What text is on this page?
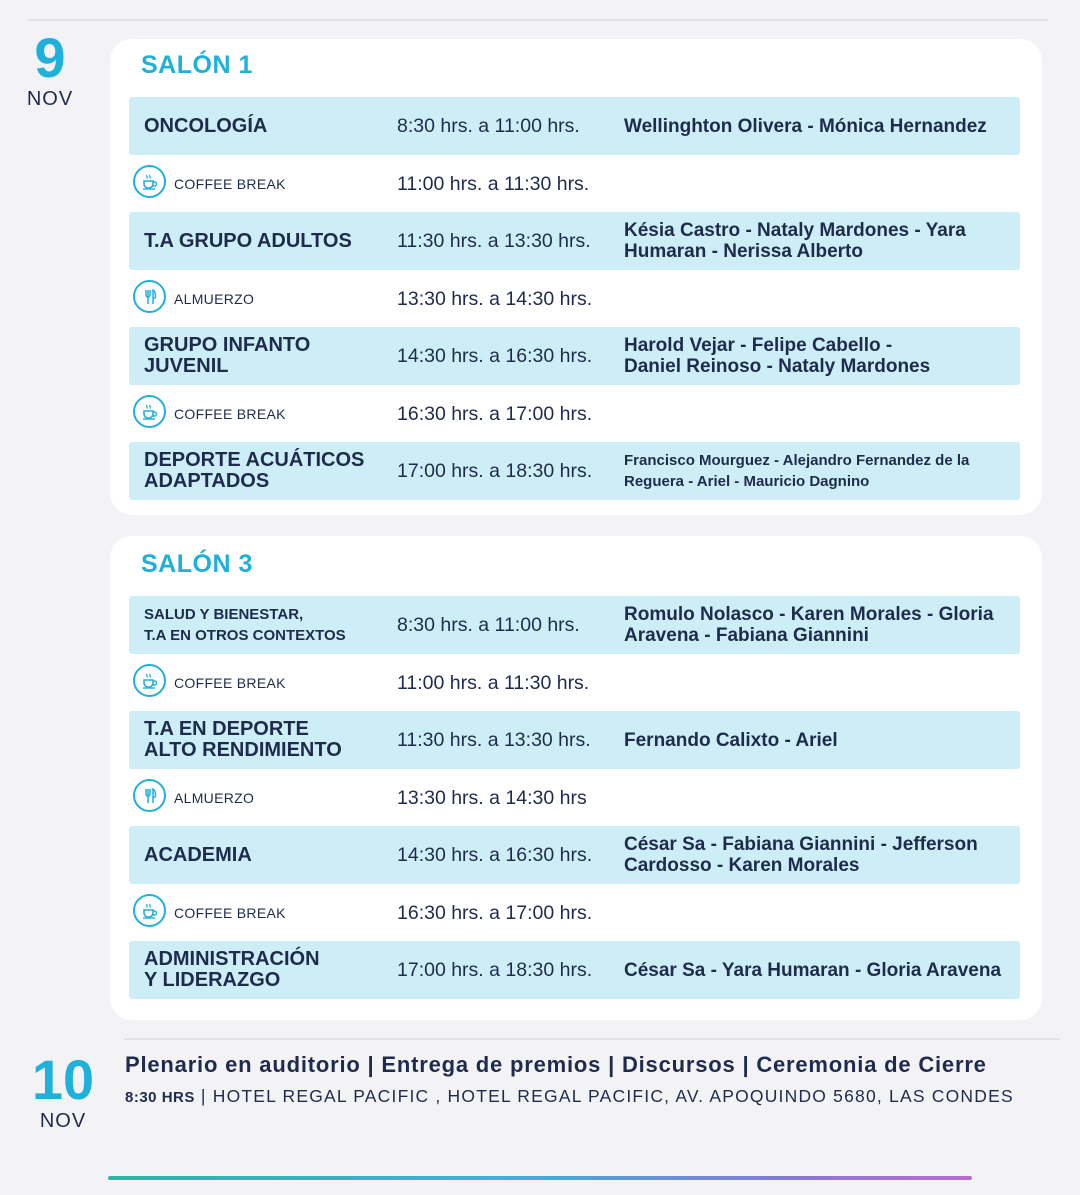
9
NOV
SALÓN 1
ONCOLOGÍA	8:30 hrs. a 11:00 hrs. Wellinghton Olivera - Mónica Hernandez
COFFEE BREAK	11:00 hrs. a 11:30 hrs.
T.A GRUPO ADULTOS	11:30 hrs. a 13:30 hrs. Késia Castro - Nataly Mardones - Yara Humaran - Nerissa Alberto
ALMUERZO	13:30 hrs. a 14:30 hrs.
GRUPO INFANTO
JUVENIL	14:30 hrs. a 16:30 hrs. Harold Vejar - Felipe Cabello -
Daniel Reinoso - Nataly Mardones
COFFEE BREAK	16:30 hrs. a 17:00 hrs.
DEPORTE ACUÁTICOS
ADAPTADOS	17:00 hrs. a 18:30 hrs. Francisco Mourguez - Alejandro Fernandez de la Reguera - Ariel - Mauricio Dagnino
SALÓN 3
SALUD Y BIENESTAR,
T.A EN OTROS CONTEXTOS	8:30 hrs. a 11:00 hrs. Romulo Nolasco - Karen Morales - Gloria Aravena - Fabiana Giannini
COFFEE BREAK	11:00 hrs. a 11:30 hrs.
T.A EN DEPORTE
ALTO RENDIMIENTO	11:30 hrs. a 13:30 hrs. Fernando Calixto - Ariel
ALMUERZO	13:30 hrs. a 14:30 hrs
ACADEMIA	14:30 hrs. a 16:30 hrs. César Sa - Fabiana Giannini - Jefferson Cardosso - Karen Morales
COFFEE BREAK	16:30 hrs. a 17:00 hrs.
ADMINISTRACIÓN
Y LIDERAZGO	17:00 hrs. a 18:30 hrs. César Sa - Yara Humaran - Gloria Aravena
10
NOV
Plenario en auditorio | Entrega de premios | Discursos | Ceremonia de Cierre
8:30 HRS | HOTEL REGAL PACIFIC , HOTEL REGAL PACIFIC, AV. APOQUINDO 5680, LAS CONDES
